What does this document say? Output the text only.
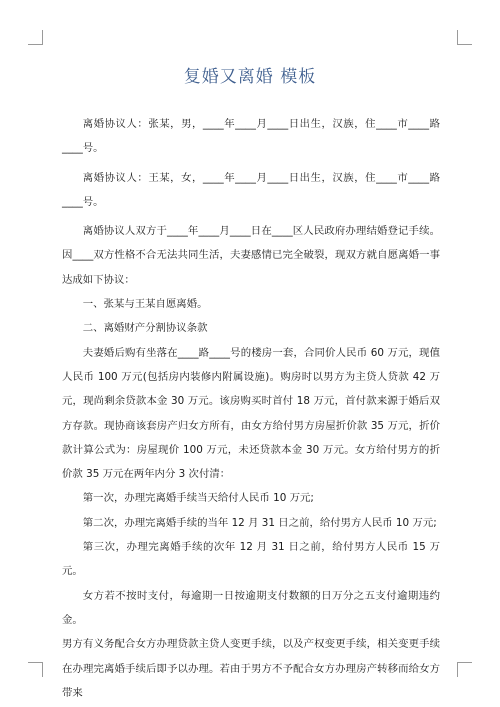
复婚又离婚 模板

离婚协议人：张某，男，____年____月____日出生，汉族，住____市____路____号。

离婚协议人：王某，女，____年____月____日出生，汉族，住____市____路____号。

离婚协议人双方于____年____月____日在____区人民政府办理结婚登记手续。因____双方性格不合无法共同生活，夫妻感情已完全破裂，现双方就自愿离婚一事达成如下协议：

一、张某与王某自愿离婚。

二、离婚财产分割协议条款

夫妻婚后购有坐落在____路____号的楼房一套，合同价人民币 60 万元，现值人民币 100 万元(包括房内装修内附属设施)。购房时以男方为主贷人贷款 42 万元，现尚剩余贷款本金 30 万元。该房购买时首付 18 万元，首付款来源于婚后双方存款。现协商该套房产归女方所有，由女方给付男方房屋折价款 35 万元，折价款计算公式为：房屋现价 100 万元，未还贷款本金 30 万元。女方给付男方的折价款 35 万元在两年内分 3 次付清：

第一次，办理完离婚手续当天给付人民币 10 万元;

第二次，办理完离婚手续的当年 12 月 31 日之前，给付男方人民币 10 万元;

第三次，办理完离婚手续的次年 12 月 31 日之前，给付男方人民币 15 万元。

女方若不按时支付，每逾期一日按逾期支付数额的日万分之五支付逾期违约金。

男方有义务配合女方办理贷款主贷人变更手续，以及产权变更手续，相关变更手续在办理完离婚手续后即予以办理。若由于男方不予配合女方办理房产转移而给女方带来
